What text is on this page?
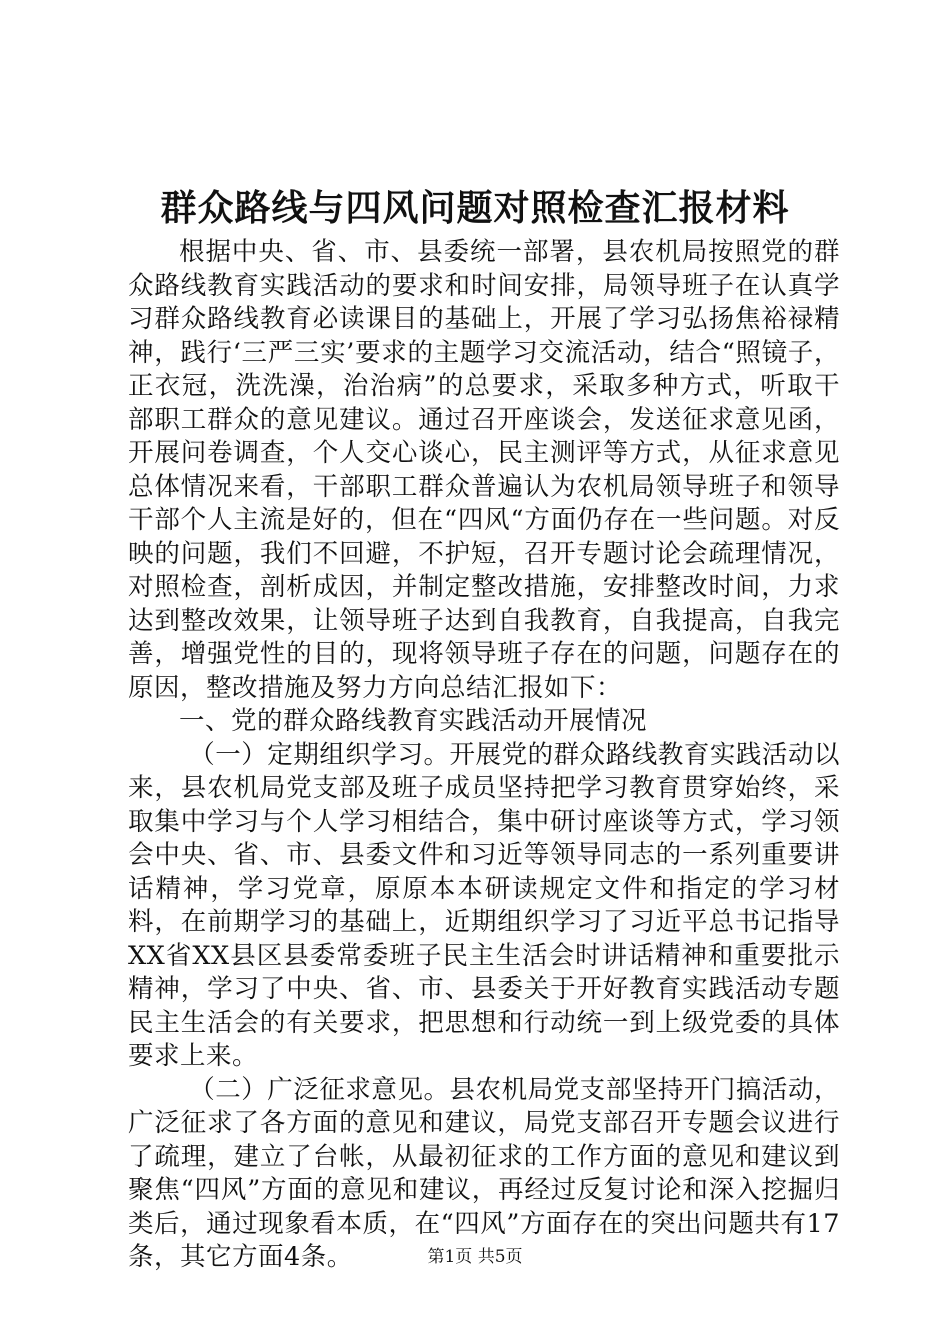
群众路线与四风问题对照检查汇报材料

根据中央、省、市、县委统一部署，县农机局按照党的群众路线教育实践活动的要求和时间安排，局领导班子在认真学习群众路线教育必读课目的基础上，开展了学习弘扬焦裕禄精神，践行‘三严三实’要求的主题学习交流活动，结合“照镜子，正衣冠，洗洗澡，治治病”的总要求，采取多种方式，听取干部职工群众的意见建议。通过召开座谈会，发送征求意见函，开展问卷调查，个人交心谈心，民主测评等方式，从征求意见总体情况来看，干部职工群众普遍认为农机局领导班子和领导干部个人主流是好的，但在“四风“方面仍存在一些问题。对反映的问题，我们不回避，不护短，召开专题讨论会疏理情况，对照检查，剖析成因，并制定整改措施，安排整改时间，力求达到整改效果，让领导班子达到自我教育，自我提高，自我完善，增强党性的目的，现将领导班子存在的问题，问题存在的原因，整改措施及努力方向总结汇报如下：

一、党的群众路线教育实践活动开展情况

（一）定期组织学习。开展党的群众路线教育实践活动以来，县农机局党支部及班子成员坚持把学习教育贯穿始终，采取集中学习与个人学习相结合，集中研讨座谈等方式，学习领会中央、省、市、县委文件和习近等领导同志的一系列重要讲话精神，学习党章，原原本本研读规定文件和指定的学习材料，在前期学习的基础上，近期组织学习了习近平总书记指导XX省XX县区县委常委班子民主生活会时讲话精神和重要批示精神，学习了中央、省、市、县委关于开好教育实践活动专题民主生活会的有关要求，把思想和行动统一到上级党委的具体要求上来。

（二）广泛征求意见。县农机局党支部坚持开门搞活动，广泛征求了各方面的意见和建议，局党支部召开专题会议进行了疏理，建立了台帐，从最初征求的工作方面的意见和建议到聚焦“四风”方面的意见和建议，再经过反复讨论和深入挖掘归类后，通过现象看本质，在“四风”方面存在的突出问题共有17条，其它方面4条。	第1页 共5页
